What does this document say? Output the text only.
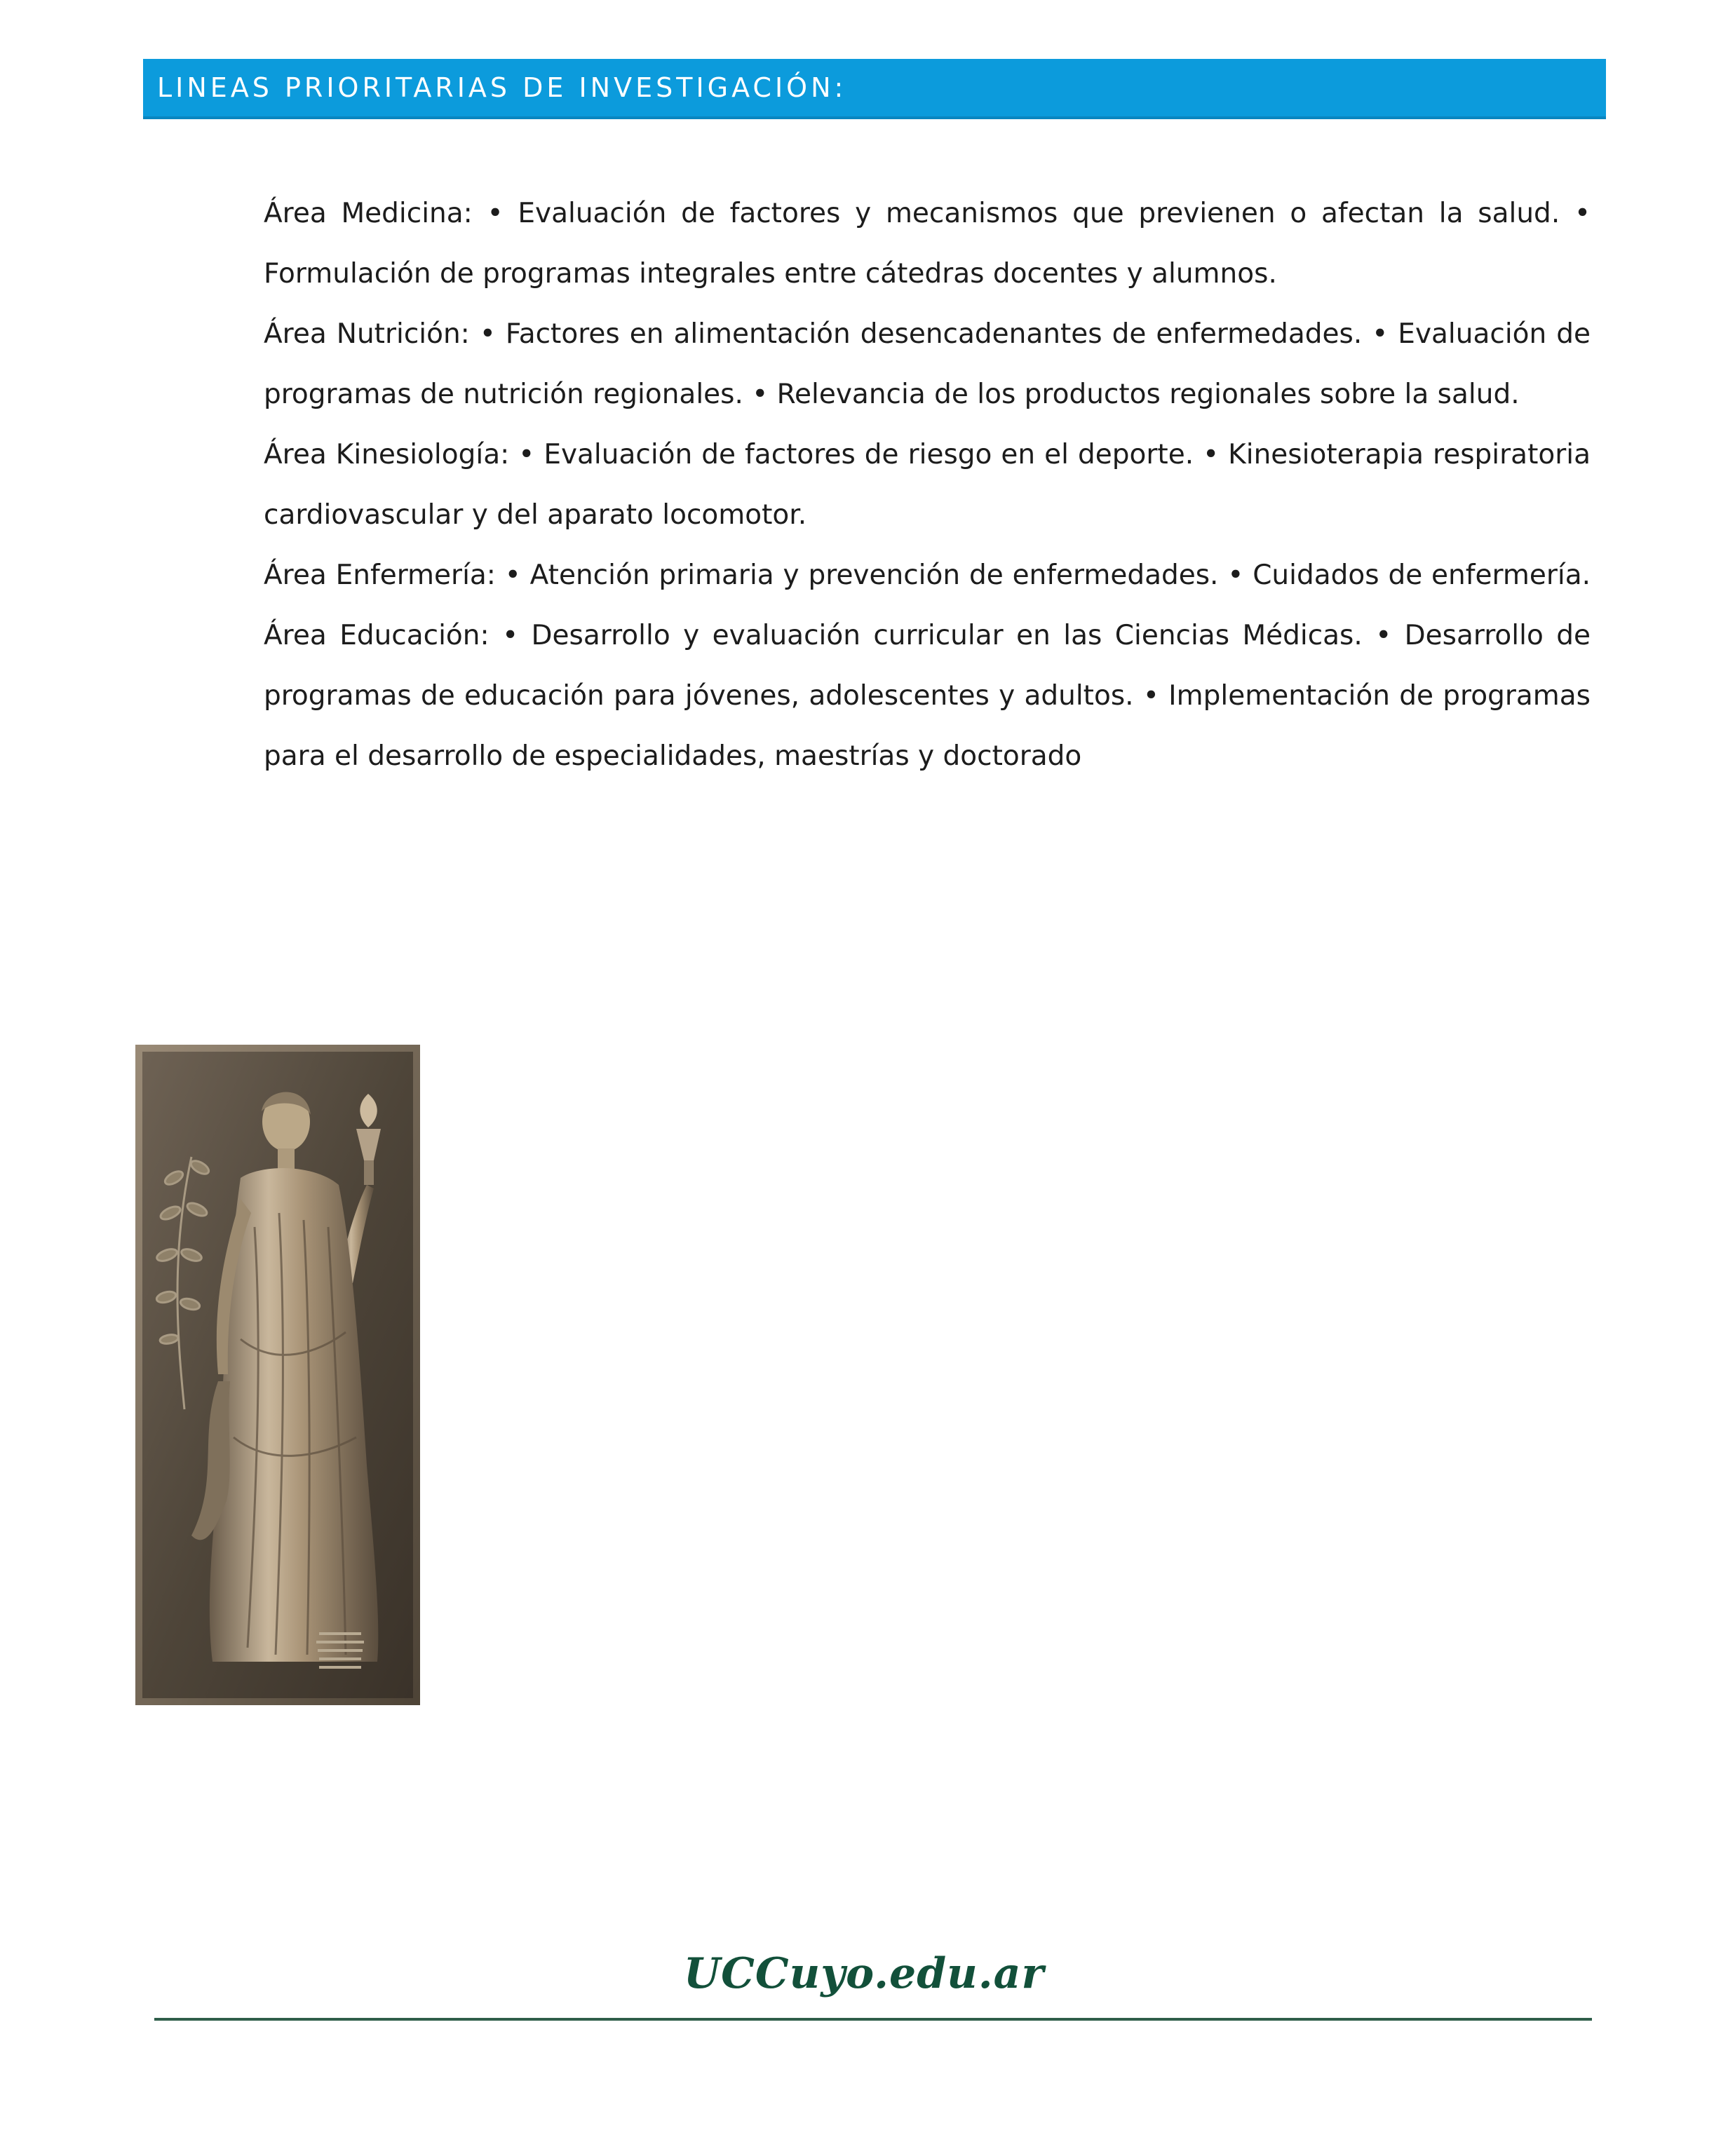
LINEAS PRIORITARIAS DE INVESTIGACIÓN:

Área Medicina: • Evaluación de factores y mecanismos que previenen o afectan la salud. • Formulación de programas integrales entre cátedras docentes y alumnos.

Área Nutrición: • Factores en alimentación desencadenantes de enfermedades. • Evaluación de programas de nutrición regionales. • Relevancia de los productos regionales sobre la salud.

Área Kinesiología: • Evaluación de factores de riesgo en el deporte. • Kinesioterapia respiratoria cardiovascular y del aparato locomotor.

Área Enfermería: • Atención primaria y prevención de enfermedades. • Cuidados de enfermería. Área Educación: • Desarrollo y evaluación curricular en las Ciencias Médicas. • Desarrollo de programas de educación para jóvenes, adolescentes y adultos. • Implementación de programas para el desarrollo de especialidades, maestrías y doctorado

UCCuyo.edu.ar
